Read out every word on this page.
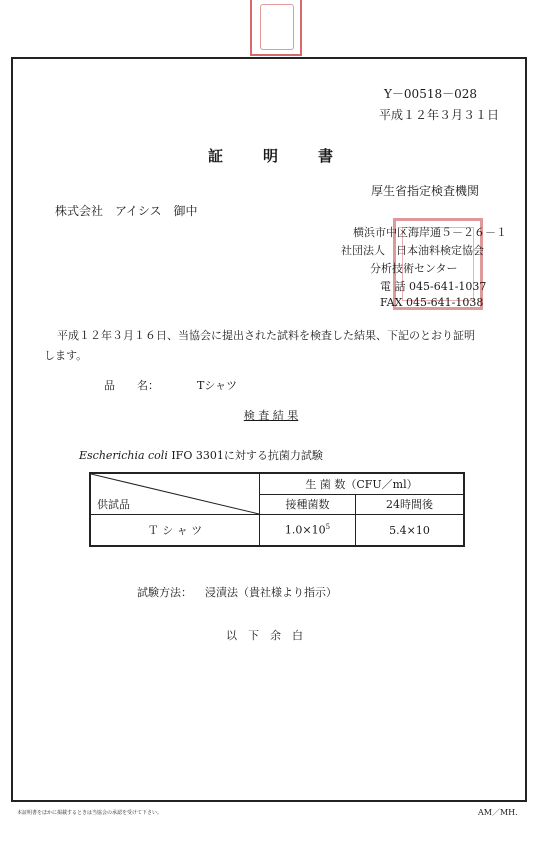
Y－00518－028
平成１２年３月３１日
証明書
厚生省指定検査機関
株式会社　アイシス　御中
横浜市中区海岸通５－２６－１
社団法人　日本油料検定協会
分析技術センター
電 話 045-641-1037
FAX 045-641-1038
平成１２年３月１６日、当協会に提出された試料を検査した結果、下記のとおり証明
します。
品　　名：	Tシャツ
検 査 結 果
Escherichia coli IFO 3301に対する抗菌力試験
供試品	生 菌 数（CFU／ml）	
	接種菌数	24時間後
Ｔ シ ャ ツ	$1.0\times 10^5$	5.4×10
試験方法： 浸漬法（貴社様より指示）
以　下　余　白
本証明書をほかに掲載するときは当協会の承認を受けて下さい。	AM／MH.
